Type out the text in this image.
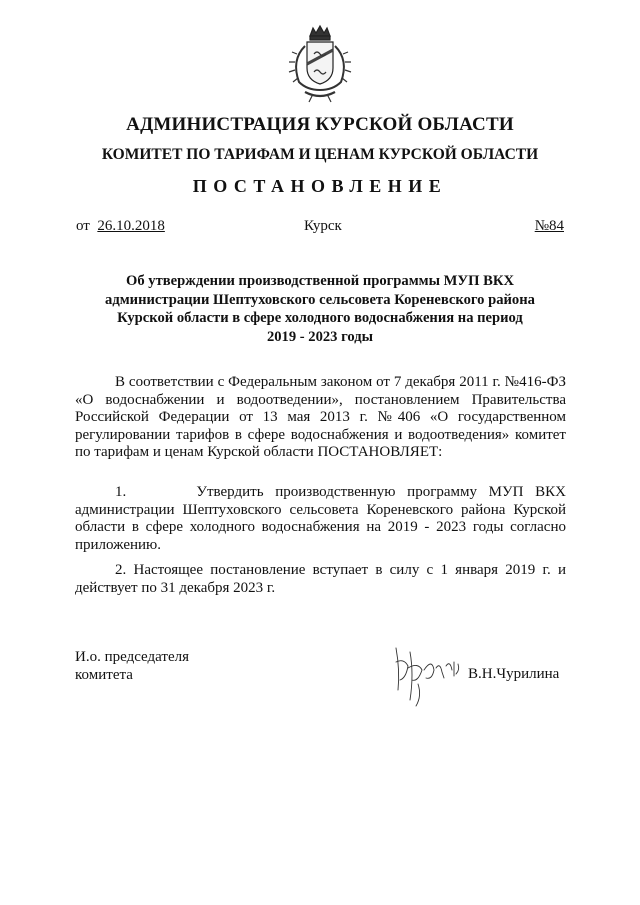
АДМИНИСТРАЦИЯ КУРСКОЙ ОБЛАСТИ
КОМИТЕТ ПО ТАРИФАМ И ЦЕНАМ КУРСКОЙ ОБЛАСТИ
ПОСТАНОВЛЕНИЕ
от 26.10.2018	Курск	№84
Об утверждении производственной программы МУП ВКХ
администрации Шептуховского сельсовета Кореневского района
Курской области в сфере холодного водоснабжения на период
2019 - 2023 годы

В соответствии с Федеральным законом от 7 декабря 2011 г. №416-ФЗ «О водоснабжении и водоотведении», постановлением Правительства Российской Федерации от 13 мая 2013 г. №406 «О государственном регулировании тарифов в сфере водоснабжения и водоотведения» комитет по тарифам и ценам Курской области ПОСТАНОВЛЯЕТ:

1.	Утвердить производственную программу МУП ВКХ администрации Шептуховского сельсовета Кореневского района Курской области в сфере холодного водоснабжения на 2019 - 2023 годы согласно приложению.

2. Настоящее постановление вступает в силу с 1 января 2019 г. и действует по 31 декабря 2023 г.

И.о. председателя
комитета	В.Н.Чурилина
